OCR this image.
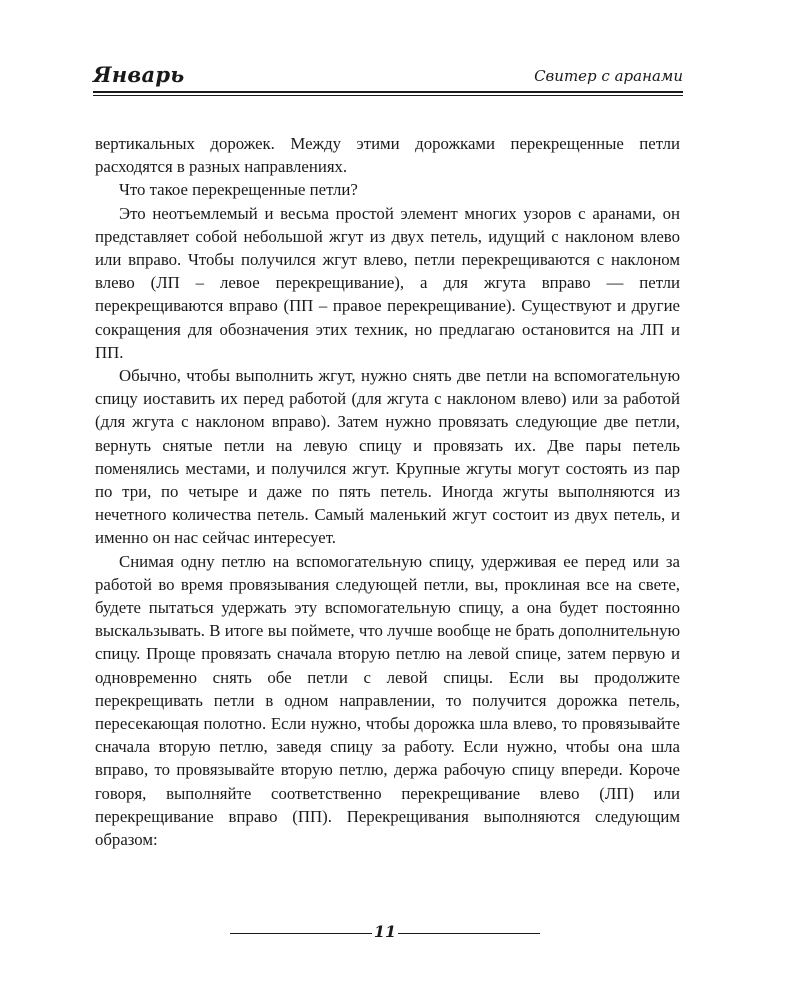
Январь	Свитер с аранами

вертикальных дорожек. Между этими дорожками перекрещенные петли расходятся в разных направлениях.

Что такое перекрещенные петли?

Это неотъемлемый и весьма простой элемент многих узоров с аранами, он представляет собой небольшой жгут из двух петель, идущий с наклоном влево или вправо. Чтобы получился жгут влево, петли перекрещиваются с наклоном влево (ЛП – левое перекрещивание), а для жгута вправо — петли перекрещиваются вправо (ПП – правое перекрещивание). Существуют и другие сокращения для обозначения этих техник, но предлагаю остановится на ЛП и ПП.

Обычно, чтобы выполнить жгут, нужно снять две петли на вспомогательную спицу иоставить их перед работой (для жгута с наклоном влево) или за работой (для жгута с наклоном вправо). Затем нужно провязать следующие две петли, вернуть снятые петли на левую спицу и провязать их. Две пары петель поменялись местами, и получился жгут. Крупные жгуты могут состоять из пар по три, по четыре и даже по пять петель. Иногда жгуты выполняются из нечетного количества петель. Самый маленький жгут состоит из двух петель, и именно он нас сейчас интересует.

Снимая одну петлю на вспомогательную спицу, удерживая ее перед или за работой во время провязывания следующей петли, вы, проклиная все на свете, будете пытаться удержать эту вспомогательную спицу, а она будет постоянно выскальзывать. В итоге вы поймете, что лучше вообще не брать дополнительную спицу. Проще провязать сначала вторую петлю на левой спице, затем первую и одновременно снять обе петли с левой спицы. Если вы продолжите перекрещивать петли в одном направлении, то получится дорожка петель, пересекающая полотно. Если нужно, чтобы дорожка шла влево, то провязывайте сначала вторую петлю, заведя спицу за работу. Если нужно, чтобы она шла вправо, то провязывайте вторую петлю, держа рабочую спицу впереди. Короче говоря, выполняйте соответственно перекрещивание влево (ЛП) или перекрещивание вправо (ПП). Перекрещивания выполняются следующим образом:

11
